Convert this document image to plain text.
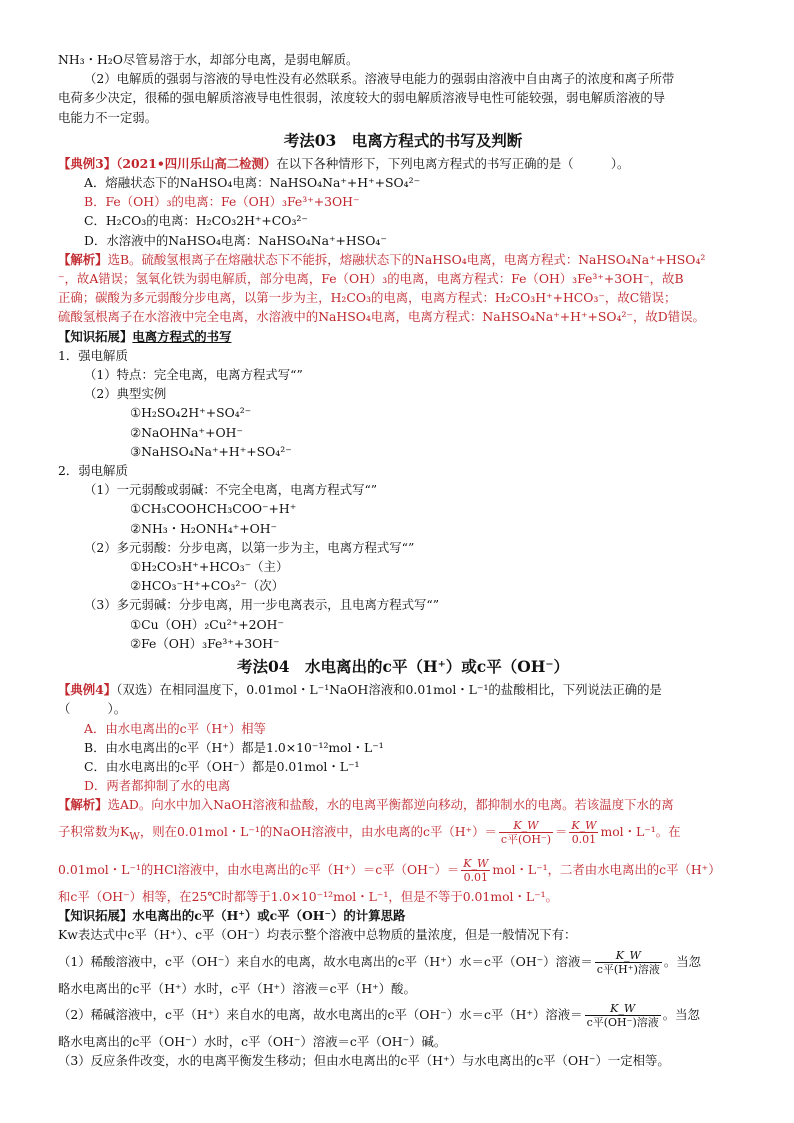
NH₃・H₂O尽管易溶于水，却部分电离，是弱电解质。
（2）电解质的强弱与溶液的导电性没有必然联系。溶液导电能力的强弱由溶液中自由离子的浓度和离子所带
电荷多少决定，很稀的强电解质溶液导电性很弱，浓度较大的弱电解质溶液导电性可能较强，弱电解质溶液的导
电能力不一定弱。
考法03　电离方程式的书写及判断
【典例3】（2021•四川乐山高二检测）在以下各种情形下，下列电离方程式的书写正确的是（　　　）。
A．熔融状态下的NaHSO₄电离：NaHSO₄Na⁺+H⁺+SO₄²⁻
B．Fe（OH）₃的电离：Fe（OH）₃Fe³⁺+3OH⁻
C．H₂CO₃的电离：H₂CO₃2H⁺+CO₃²⁻
D．水溶液中的NaHSO₄电离：NaHSO₄Na⁺+HSO₄⁻
【解析】选B。硫酸氢根离子在熔融状态下不能拆，熔融状态下的NaHSO₄电离，电离方程式：NaHSO₄Na⁺+HSO₄²
⁻，故A错误；氢氧化铁为弱电解质，部分电离，Fe（OH）₃的电离，电离方程式：Fe（OH）₃Fe³⁺+3OH⁻，故B
正确；碳酸为多元弱酸分步电离，以第一步为主，H₂CO₃的电离，电离方程式：H₂CO₃H⁺+HCO₃⁻，故C错误；
硫酸氢根离子在水溶液中完全电离，水溶液中的NaHSO₄电离，电离方程式：NaHSO₄Na⁺+H⁺+SO₄²⁻，故D错误。
【知识拓展】电离方程式的书写
1．强电解质
（1）特点：完全电离，电离方程式写“”
（2）典型实例
①H₂SO₄2H⁺+SO₄²⁻
②NaOHNa⁺+OH⁻
③NaHSO₄Na⁺+H⁺+SO₄²⁻
2．弱电解质
（1）一元弱酸或弱碱：不完全电离，电离方程式写“”
①CH₃COOHCH₃COO⁻+H⁺
②NH₃・H₂ONH₄⁺+OH⁻
（2）多元弱酸：分步电离，以第一步为主，电离方程式写“”
①H₂CO₃H⁺+HCO₃⁻（主）
②HCO₃⁻H⁺+CO₃²⁻（次）
（3）多元弱碱：分步电离，用一步电离表示，且电离方程式写“”
①Cu（OH）₂Cu²⁺+2OH⁻
②Fe（OH）₃Fe³⁺+3OH⁻
考法04　水电离出的c平（H⁺）或c平（OH⁻）
【典例4】（双选）在相同温度下，0.01mol・L⁻¹NaOH溶液和0.01mol・L⁻¹的盐酸相比，下列说法正确的是
（　　　）。
A．由水电离出的c平（H⁺）相等
B．由水电离出的c平（H⁺）都是1.0×10⁻¹²mol・L⁻¹
C．由水电离出的c平（OH⁻）都是0.01mol・L⁻¹
D．两者都抑制了水的电离
【解析】选AD。向水中加入NaOH溶液和盐酸，水的电离平衡都逆向移动，都抑制水的电离。若该温度下水的离
子积常数为$K_W$，则在0.01mol・L⁻¹的NaOH溶液中，由水电离的c平$(H^+)= \frac{K\_W}{\text{c平(OH⁻)}} = \frac{K\_W}{0.01}$ mol・L⁻¹。在
0.01mol・L⁻¹的HCl溶液中，由水电离出的c平（H⁺）＝c平$(OH^-)= \frac{K\_W}{0.01}$ mol・L⁻¹，二者由水电离出的c平（H⁺）
和c平（OH⁻）相等，在25℃时都等于1.0×10⁻¹²mol・L⁻¹，但是不等于0.01mol・L⁻¹。
【知识拓展】水电离出的c平（H⁺）或c平（OH⁻）的计算思路
Kw表达式中c平（H⁺）、c平（OH⁻）均表示整个溶液中总物质的量浓度，但是一般情况下有：
（1）稀酸溶液中，c平（OH⁻）来自水的电离，故水电离出的c平（H⁺）水＝c平（OH⁻）溶液＝ $\frac{K\_W}{\text{c平(H⁺)溶液}}$ 。当忽
略水电离出的c平（H⁺）水时，c平（H⁺）溶液＝c平（H⁺）酸。
（2）稀碱溶液中，c平（H⁺）来自水的电离，故水电离出的c平（OH⁻）水＝c平（H⁺）溶液＝ $\frac{K\_W}{\text{c平(OH⁻)溶液}}$ 。当忽
略水电离出的c平（OH⁻）水时，c平（OH⁻）溶液＝c平（OH⁻）碱。
（3）反应条件改变，水的电离平衡发生移动；但由水电离出的c平（H⁺）与水电离出的c平（OH⁻）一定相等。
